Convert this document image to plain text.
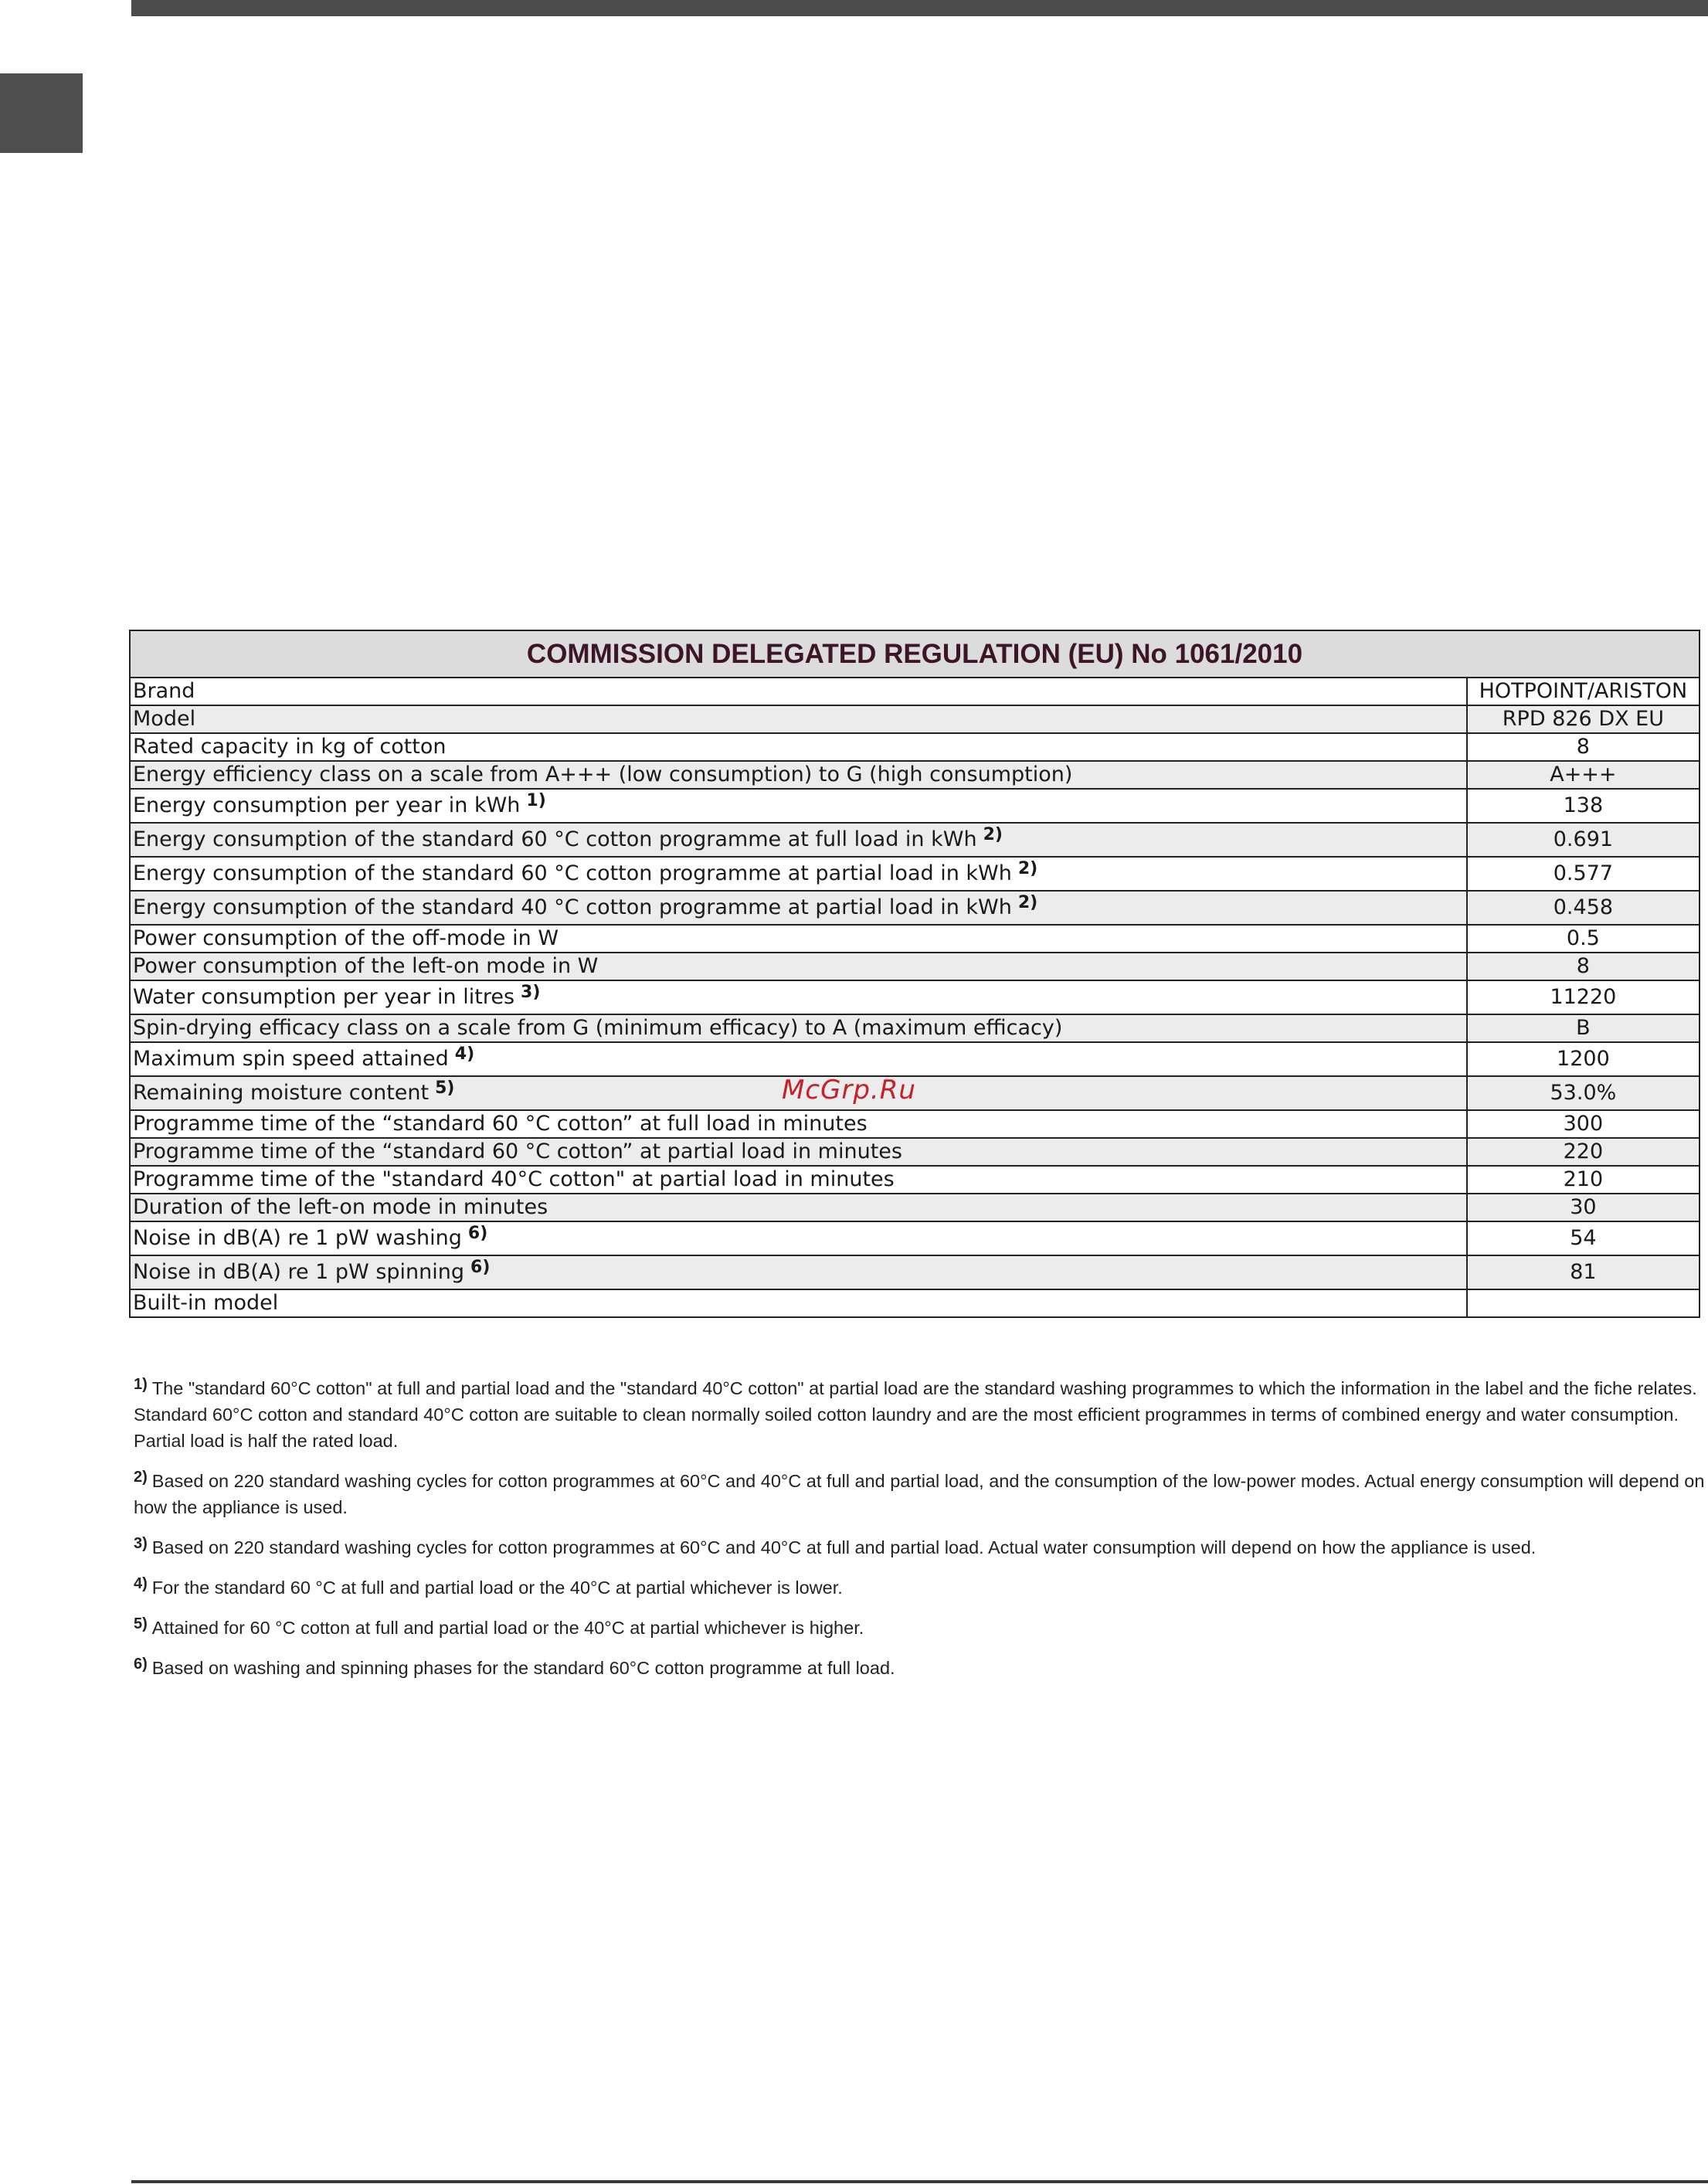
COMMISSION DELEGATED REGULATION (EU) No 1061/2010	
Brand	HOTPOINT/ARISTON
Model	RPD 826 DX EU
Rated capacity in kg of cotton	8
Energy efficiency class on a scale from A+++ (low consumption) to G (high consumption)	A+++
Energy consumption per year in kWh $^{1)}$	138
Energy consumption of the standard 60 °C cotton programme at full load in kWh $^{2)}$	0.691
Energy consumption of the standard 60 °C cotton programme at partial load in kWh $^{2)}$	0.577
Energy consumption of the standard 40 °C cotton programme at partial load in kWh $^{2)}$	0.458
Power consumption of the off-mode in W	0.5
Power consumption of the left-on mode in W	8
Water consumption per year in litres $^{3)}$	11220
Spin-drying efficacy class on a scale from G (minimum efficacy) to A (maximum efficacy)	B
Maximum spin speed attained $^{4)}$	1200
Remaining moisture content $^{5)}$	53.0%
Programme time of the “standard 60 °C cotton” at full load in minutes	300
Programme time of the “standard 60 °C cotton” at partial load in minutes	220
Programme time of the "standard 40°C cotton" at partial load in minutes	210
Duration of the left-on mode in minutes	30
Noise in dB(A) re 1 pW washing $^{6)}$	54
Noise in dB(A) re 1 pW spinning $^{6)}$	81
Built-in model	
McGrp.Ru

$^{1)}$ The "standard 60°C cotton" at full and partial load and the "standard 40°C cotton" at partial load are the standard washing programmes to which the information in the label and the fiche relates. Standard 60°C cotton and standard 40°C cotton are suitable to clean normally soiled cotton laundry and are the most efficient programmes in terms of combined energy and water consumption. Partial load is half the rated load.

$^{2)}$ Based on 220 standard washing cycles for cotton programmes at 60°C and 40°C at full and partial load, and the consumption of the low-power modes. Actual energy consumption will depend on how the appliance is used.

$^{3)}$ Based on 220 standard washing cycles for cotton programmes at 60°C and 40°C at full and partial load. Actual water consumption will depend on how the appliance is used.

$^{4)}$ For the standard 60 °C at full and partial load or the 40°C at partial whichever is lower.

$^{5)}$ Attained for 60 °C cotton at full and partial load or the 40°C at partial whichever is higher.

$^{6)}$ Based on washing and spinning phases for the standard 60°C cotton programme at full load.
